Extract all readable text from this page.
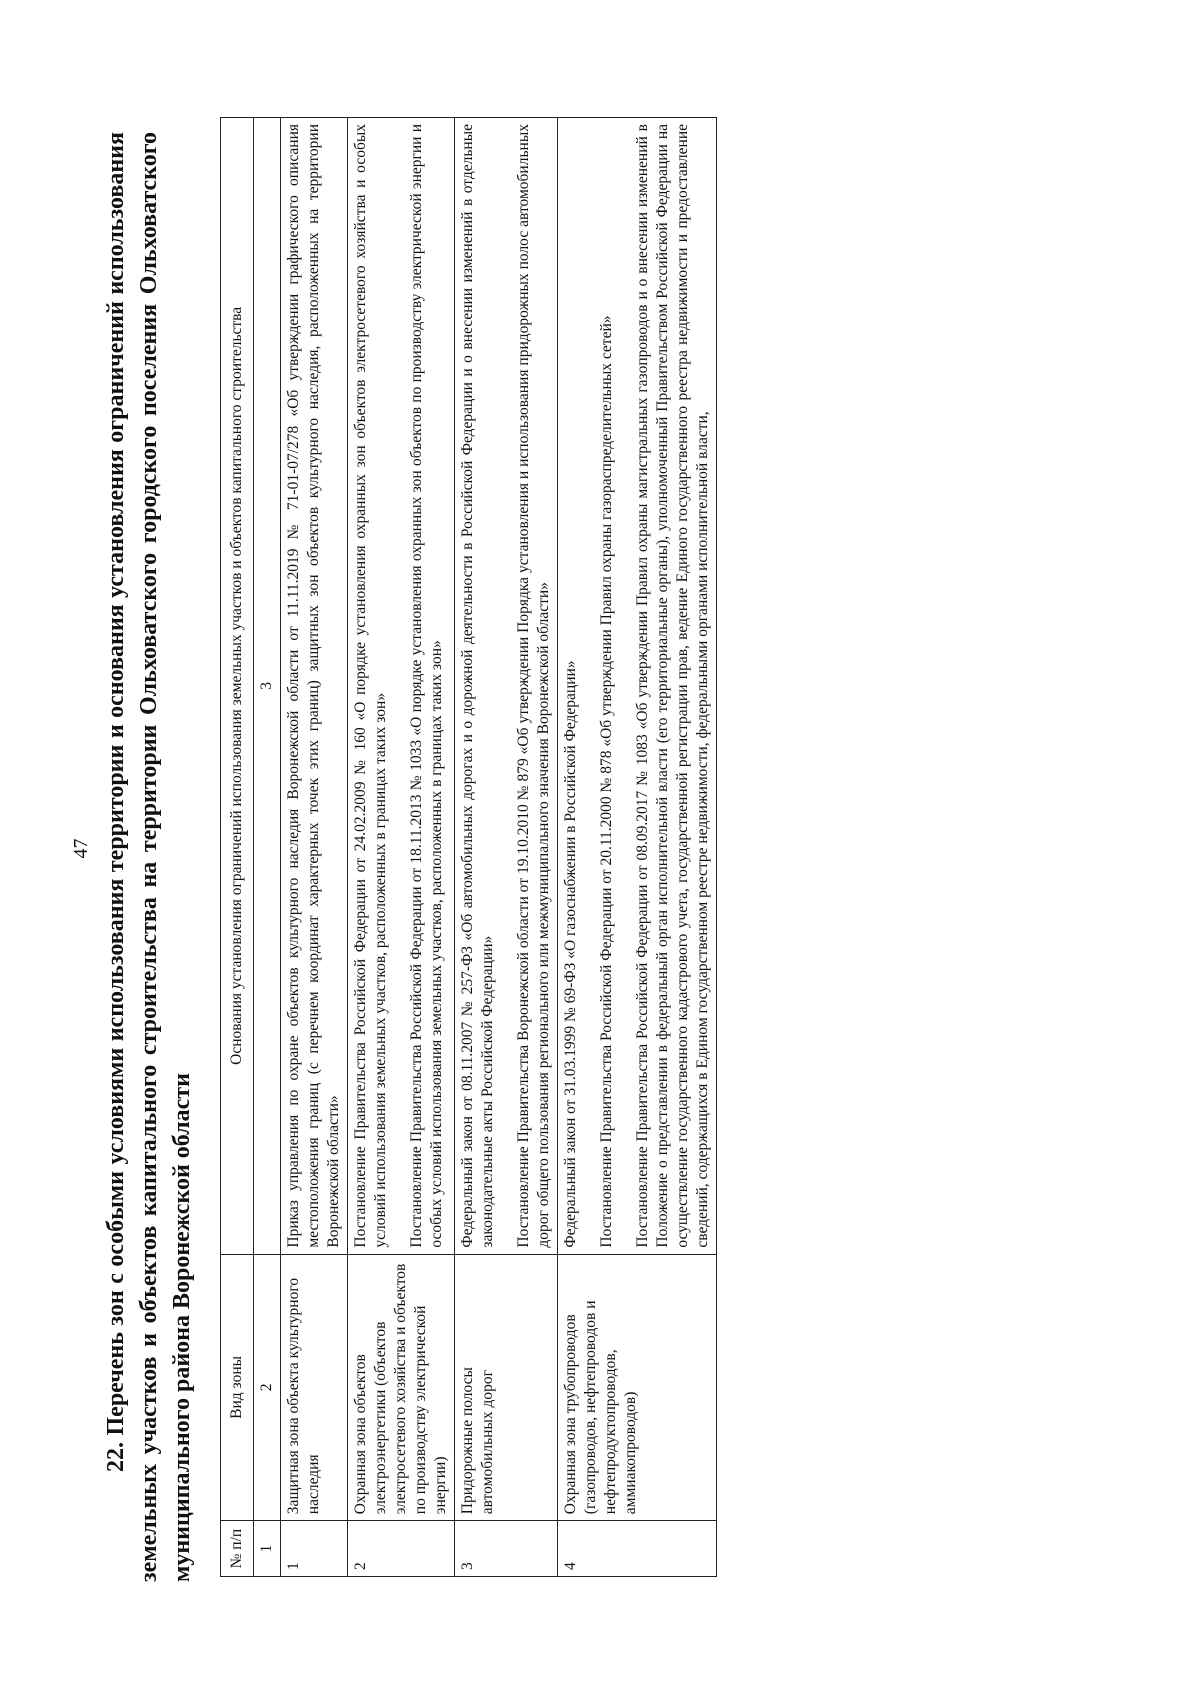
47 22. Перечень зон с особыми условиями использования территории и основания установления ограничений использования земельных участков и объектов капитального строительства на территории Ольховатского городского поселения Ольховатского муниципального района Воронежской области № п/п	Вид зоны	Основания установления ограничений использования земельных участков и объектов капитального строительства
1	2	3
1	Защитная зона объекта культурного наследия	Приказ управления по охране объектов культурного наследия Воронежской области от 11.11.2019 № 71-01-07/278 «Об утверждении графического описания местоположения границ (с перечнем координат характерных точек этих границ) защитных зон объектов культурного наследия, расположенных на территории Воронежской области»

2	Охранная зона объектов электроэнергетики (объектов электросетевого хозяйства и объектов по производству электрической энергии)	Постановление Правительства Российской Федерации от 24.02.2009 № 160 «О порядке установления охранных зон объектов электросетевого хозяйства и особых условий использования земельных участков, расположенных в границах таких зон» Постановление Правительства Российской Федерации от 18.11.2013 № 1033 «О порядке установления охранных зон объектов по производству электрической энергии и особых условий использования земельных участков, расположенных в границах таких зон»

3	Придорожные полосы автомобильных дорог	Федеральный закон от 08.11.2007 № 257-ФЗ «Об автомобильных дорогах и о дорожной деятельности в Российской Федерации и о внесении изменений в отдельные законодательные акты Российской Федерации» Постановление Правительства Воронежской области от 19.10.2010 № 879 «Об утверждении Порядка установления и использования придорожных полос автомобильных дорог общего пользования регионального или межмуниципального значения Воронежской области»

4	Охранная зона трубопроводов (газопроводов, нефтепроводов и нефтепродуктопроводов, аммиакопроводов)	Федеральный закон от 31.03.1999 № 69-ФЗ «О газоснабжении в Российской Федерации» Постановление Правительства Российской Федерации от 20.11.2000 № 878 «Об утверждении Правил охраны газораспределительных сетей» Постановление Правительства Российской Федерации от 08.09.2017 № 1083 «Об утверждении Правил охраны магистральных газопроводов и о внесении изменений в Положение о представлении в федеральный орган исполнительной власти (его территориальные органы), уполномоченный Правительством Российской Федерации на осуществление государственного кадастрового учета, государственной регистрации прав, ведение Единого государственного реестра недвижимости и предоставление сведений, содержащихся в Едином государственном реестре недвижимости, федеральными органами исполнительной власти,
